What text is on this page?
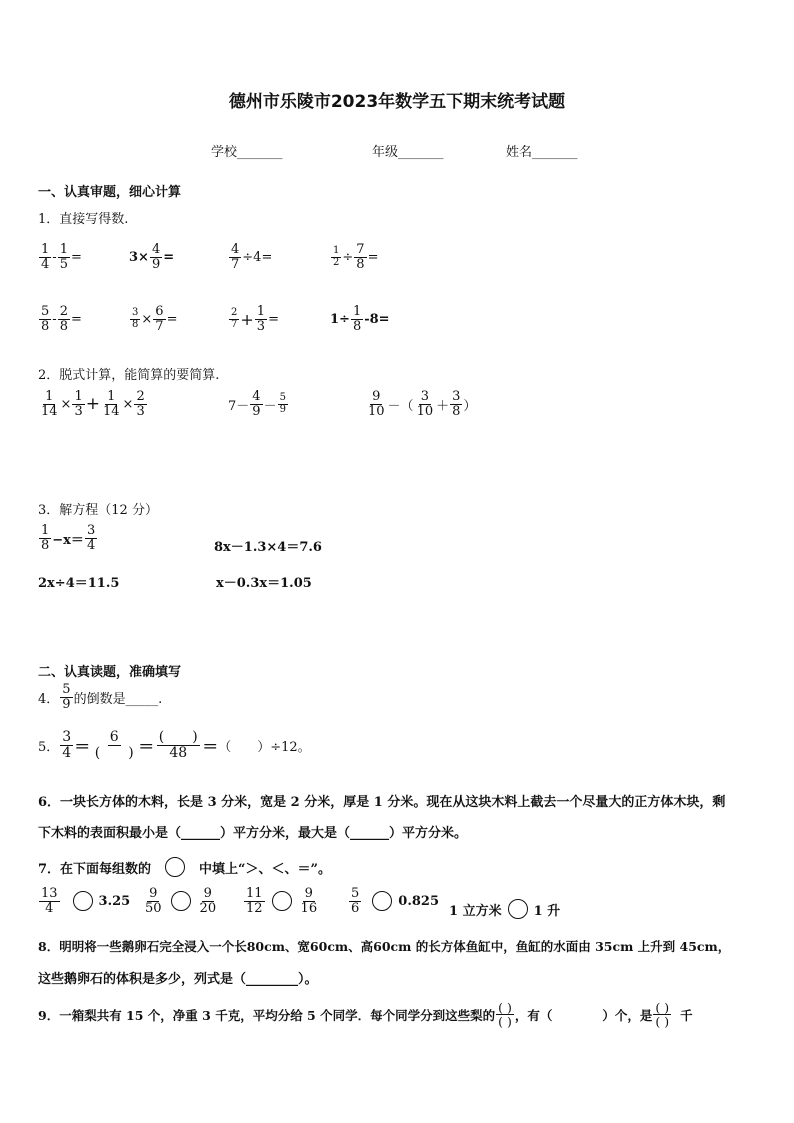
德州市乐陵市2023年数学五下期末统考试题
学校_______	年级_______	姓名_______
一、认真审题，细心计算
1．直接写得数.
$\frac{1}{4} - \frac{1}{5}$ =	$3\times \frac{4}{9}$ =	$\frac{4}{7} \div 4=$	$\frac{1}{2} \div \frac{7}{8}$ =
$\frac{5}{8} - \frac{2}{8}$ =	$\frac{3}{8} \times \frac{6}{7}$ =	$\frac{2}{7} + \frac{1}{3}$ =	$1\div \frac{1}{8} -8=$
2．脱式计算，能简算的要简算.
$\frac{1}{14} \times \frac{1}{3} + \frac{1}{14} \times \frac{2}{3}$	$7- \frac{4}{9} - \frac{5}{9}$	$\frac{9}{10}$ －（ $\frac{3}{10} + \frac{3}{8}$ ）
3．解方程（12 分）
$\frac{1}{8} -x= \frac{3}{4}$	8x－1.3×4＝7.6
2x÷4＝11.5	x－0.3x＝1.05
二、认真读题，准确填写
4． $\frac{5}{9}$ 的倒数是_____.
5． $\frac{3}{4} = \frac{6}{( )} = \frac{( )}{48}$ ＝ （　　）÷12。
6．一块长方体的木料，长是 3 分米，宽是 2 分米，厚是 1 分米。现在从这块木料上截去一个尽量大的正方体木块，剩
下木料的表面积最小是（______）平方分米，最大是（______）平方分米。
7．在下面每组数的	中填上“＞、＜、＝”。
$\frac{13}{4}$	$3.25 \frac{9}{50}$	$\frac{9}{20} \frac{11}{12}$	$\frac{9}{16} \frac{5}{6}$	0.825
1 立方米 1 升
8．明明将一些鹅卵石完全浸入一个长80cm、宽60cm、高60cm 的长方体鱼缸中，鱼缸的水面由 35cm 上升到 45cm，
这些鹅卵石的体积是多少，列式是（________）。
9．一箱梨共有 15 个，净重 3 千克，平均分给 5 个同学．每个同学分到这些梨的 $\frac{( )}{( )}$ ，有（　　　　）个，是 $\frac{( )}{( )}$ 千
